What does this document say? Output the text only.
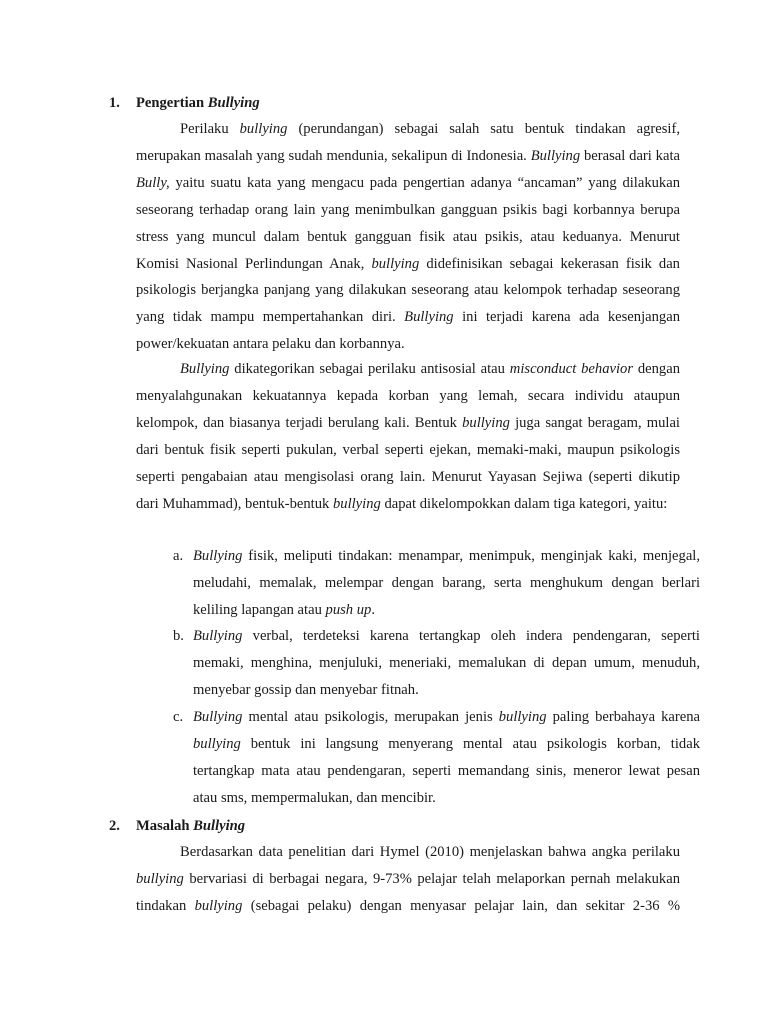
1. Pengertian Bullying

Perilaku bullying (perundangan) sebagai salah satu bentuk tindakan agresif, merupakan masalah yang sudah mendunia, sekalipun di Indonesia. Bullying berasal dari kata Bully, yaitu suatu kata yang mengacu pada pengertian adanya “ancaman” yang dilakukan seseorang terhadap orang lain yang menimbulkan gangguan psikis bagi korbannya berupa stress yang muncul dalam bentuk gangguan fisik atau psikis, atau keduanya. Menurut Komisi Nasional Perlindungan Anak, bullying didefinisikan sebagai kekerasan fisik dan psikologis berjangka panjang yang dilakukan seseorang atau kelompok terhadap seseorang yang tidak mampu mempertahankan diri. Bullying ini terjadi karena ada kesenjangan power/kekuatan antara pelaku dan korbannya.

Bullying dikategorikan sebagai perilaku antisosial atau misconduct behavior dengan menyalahgunakan kekuatannya kepada korban yang lemah, secara individu ataupun kelompok, dan biasanya terjadi berulang kali. Bentuk bullying juga sangat beragam, mulai dari bentuk fisik seperti pukulan, verbal seperti ejekan, memaki-maki, maupun psikologis seperti pengabaian atau mengisolasi orang lain. Menurut Yayasan Sejiwa (seperti dikutip dari Muhammad), bentuk-bentuk bullying dapat dikelompokkan dalam tiga kategori, yaitu:

a. Bullying fisik, meliputi tindakan: menampar, menimpuk, menginjak kaki, menjegal, meludahi, memalak, melempar dengan barang, serta menghukum dengan berlari keliling lapangan atau push up.

b. Bullying verbal, terdeteksi karena tertangkap oleh indera pendengaran, seperti memaki, menghina, menjuluki, meneriaki, memalukan di depan umum, menuduh, menyebar gossip dan menyebar fitnah.

c. Bullying mental atau psikologis, merupakan jenis bullying paling berbahaya karena bullying bentuk ini langsung menyerang mental atau psikologis korban, tidak tertangkap mata atau pendengaran, seperti memandang sinis, meneror lewat pesan atau sms, mempermalukan, dan mencibir.

2. Masalah Bullying

Berdasarkan data penelitian dari Hymel (2010) menjelaskan bahwa angka perilaku bullying bervariasi di berbagai negara, 9-73% pelajar telah melaporkan pernah melakukan tindakan bullying (sebagai pelaku) dengan menyasar pelajar lain, dan sekitar 2-36 %
